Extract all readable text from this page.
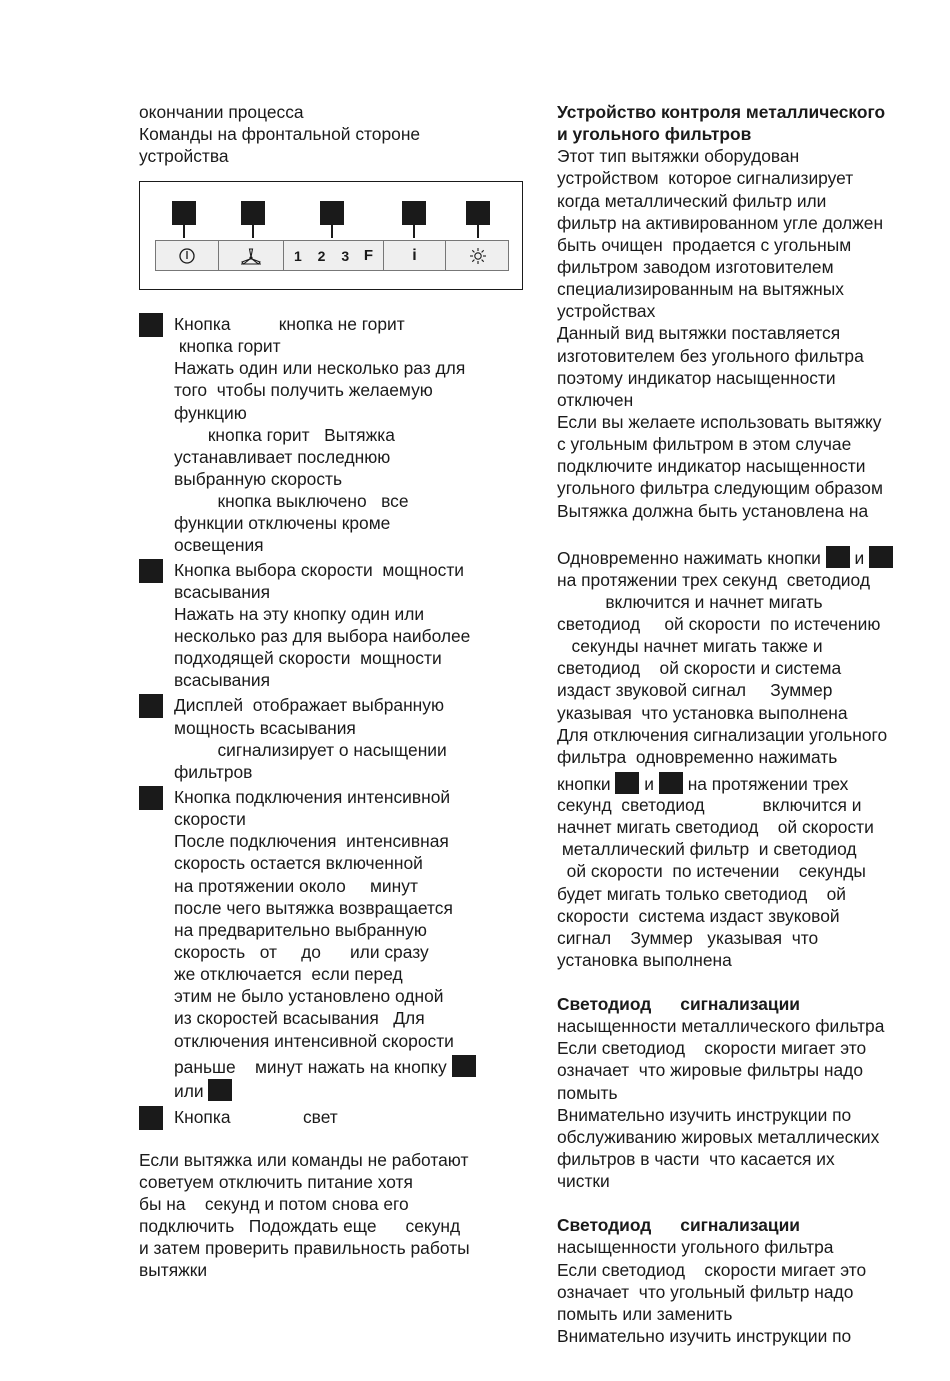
окончании процесса
Команды на фронтальной стороне
устройства
1 2 3 F i
Кнопка          кнопка не горит
кнопка горит
Нажать один или несколько раз для
того  чтобы получить желаемую
функцию
кнопка горит   Вытяжка
устанавливает последнюю
выбранную скорость
кнопка выключено   все
функции отключены кроме
освещения
Кнопка выбора скорости  мощности
всасывания
Нажать на эту кнопку один или
несколько раз для выбора наиболее
подходящей скорости  мощности
всасывания
Дисплей  отображает выбранную
мощность всасывания
сигнализирует о насыщении
фильтров
Кнопка подключения интенсивной
скорости
После подключения  интенсивная
скорость остается включенной
на протяжении около     минут
после чего вытяжка возвращается
на предварительно выбранную
скорость   от     до      или сразу
же отключается  если перед
этим не было установлено одной
из скоростей всасывания   Для
отключения интенсивной скорости
раньше    минут нажать на кнопку
или
Кнопка               свет
Если вытяжка или команды не работают
советуем отключить питание хотя
бы на    секунд и потом снова его
подключить   Подождать еще      секунд
и затем проверить правильность работы
вытяжки
Устройство контроля металлического
и угольного фильтров
Этот тип вытяжки оборудован
устройством  которое сигнализирует
когда металлический фильтр или
фильтр на активированном угле должен
быть очищен  продается с угольным
фильтром заводом изготовителем
специализированным на вытяжных
устройствах
Данный вид вытяжки поставляется
изготовителем без угольного фильтра
поэтому индикатор насыщенности
отключен
Если вы желаете использовать вытяжку
с угольным фильтром в этом случае
подключите индикатор насыщенности
угольного фильтра следующим образом
Вытяжка должна быть установлена на
Одновременно нажимать кнопки  и
на протяжении трех секунд  светодиод
включится и начнет мигать
светодиод     ой скорости  по истечению
секунды начнет мигать также и
светодиод    ой скорости и система
издаст звуковой сигнал     Зуммер
указывая  что установка выполнена
Для отключения сигнализации угольного
фильтра  одновременно нажимать
кнопки  и  на протяжении трех
секунд  светодиод            включится и
начнет мигать светодиод    ой скорости
металлический фильтр  и светодиод
ой скорости  по истечении    секунды
будет мигать только светодиод    ой
скорости  система издаст звуковой
сигнал    Зуммер   указывая  что
установка выполнена
Светодиод      сигнализации
насыщенности металлического фильтра
Если светодиод    скорости мигает это
означает  что жировые фильтры надо
помыть
Внимательно изучить инструкции по
обслуживанию жировых металлических
фильтров в части  что касается их
чистки
Светодиод      сигнализации
насыщенности угольного фильтра
Если светодиод    скорости мигает это
означает  что угольный фильтр надо
помыть или заменить
Внимательно изучить инструкции по
